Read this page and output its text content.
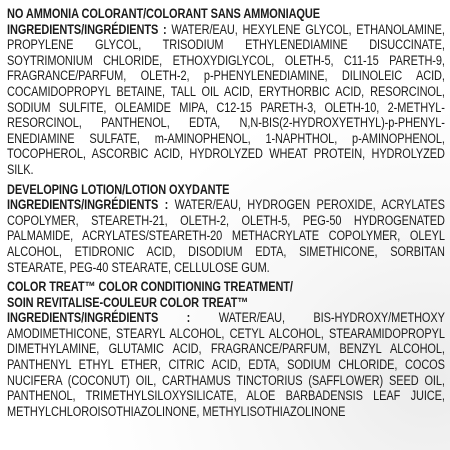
NO AMMONIA COLORANT/COLORANT SANS AMMONIAQUE
INGREDIENTS/INGRÉDIENTS : WATER/EAU, HEXYLENE GLYCOL, ETHANOLAMINE, PROPYLENE GLYCOL, TRISODIUM ETHYLENEDIAMINE DISUCCINATE, SOYTRIMONIUM CHLORIDE, ETHOXYDIGLYCOL, OLETH-5, C11-15 PARETH-9, FRAGRANCE/PARFUM, OLETH-2, p-PHENYLENEDIAMINE, DILINOLEIC ACID, COCAMIDOPROPYL BETAINE, TALL OIL ACID, ERYTHORBIC ACID, RESORCINOL, SODIUM SULFITE, OLEAMIDE MIPA, C12-15 PARETH-3, OLETH-10, 2-METHYL-RESORCINOL, PANTHENOL, EDTA, N,N-BIS(2-HYDROXYETHYL)-p-PHENYL-ENEDIAMINE SULFATE, m-AMINOPHENOL, 1-NAPHTHOL, p-AMINOPHENOL, TOCOPHEROL, ASCORBIC ACID, HYDROLYZED WHEAT PROTEIN, HYDROLYZED SILK.
DEVELOPING LOTION/LOTION OXYDANTE
INGREDIENTS/INGRÉDIENTS : WATER/EAU, HYDROGEN PEROXIDE, ACRYLATES COPOLYMER, STEARETH-21, OLETH-2, OLETH-5, PEG-50 HYDROGENATED PALMAMIDE, ACRYLATES/STEARETH-20 METHACRYLATE COPOLYMER, OLEYL ALCOHOL, ETIDRONIC ACID, DISODIUM EDTA, SIMETHICONE, SORBITAN STEARATE, PEG-40 STEARATE, CELLULOSE GUM.
COLOR TREAT™ COLOR CONDITIONING TREATMENT/
SOIN REVITALISE-COULEUR COLOR TREAT™
INGREDIENTS/INGRÉDIENTS : WATER/EAU, BIS-HYDROXY/METHOXY AMODIMETHICONE, STEARYL ALCOHOL, CETYL ALCOHOL, STEARAMIDOPROPYL DIMETHYLAMINE, GLUTAMIC ACID, FRAGRANCE/PARFUM, BENZYL ALCOHOL, PANTHENYL ETHYL ETHER, CITRIC ACID, EDTA, SODIUM CHLORIDE, COCOS NUCIFERA (COCONUT) OIL, CARTHAMUS TINCTORIUS (SAFFLOWER) SEED OIL, PANTHENOL, TRIMETHYLSILOXYSILICATE, ALOE BARBADENSIS LEAF JUICE, METHYLCHLOROISOTHIAZOLINONE, METHYLISOTHIAZOLINONE
